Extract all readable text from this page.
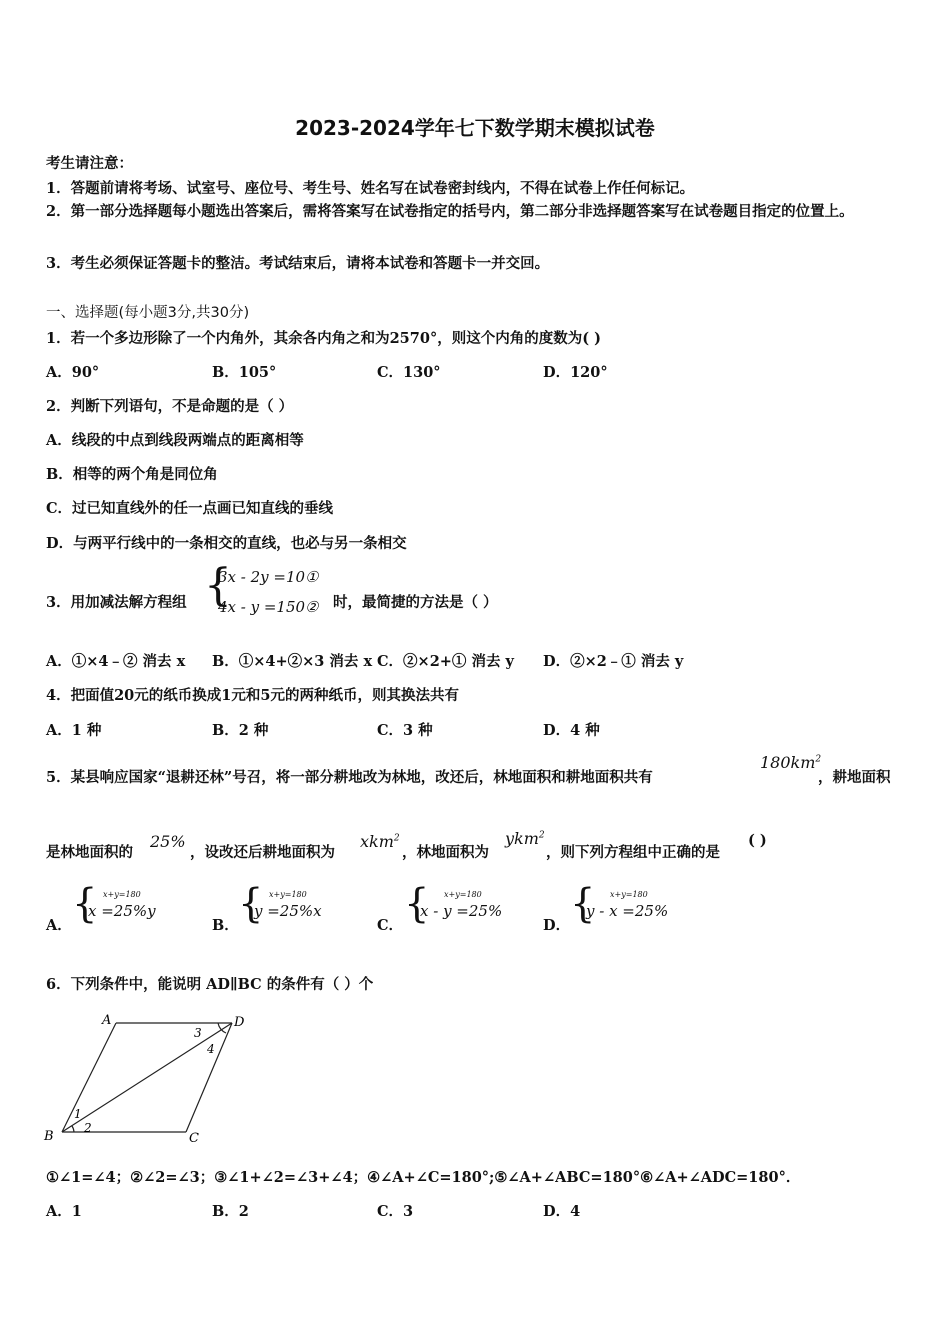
2023-2024学年七下数学期末模拟试卷
考生请注意：
1．答题前请将考场、试室号、座位号、考生号、姓名写在试卷密封线内，不得在试卷上作任何标记。
2．第一部分选择题每小题选出答案后，需将答案写在试卷指定的括号内，第二部分非选择题答案写在试卷题目指定的位置上。
3．考生必须保证答题卡的整洁。考试结束后，请将本试卷和答题卡一并交回。
一、选择题(每小题3分,共30分)
1．若一个多边形除了一个内角外，其余各内角之和为2570°，则这个内角的度数为( )
A．90°	B．105°	C．130°	D．120°
2．判断下列语句，不是命题的是（ ）
A．线段的中点到线段两端点的距离相等
B．相等的两个角是同位角
C．过已知直线外的任一点画已知直线的垂线
D．与两平行线中的一条相交的直线，也必与另一条相交
3．用加减法解方程组 {
3x - 2y =10①
4x - y =150② 时，最简捷的方法是（ ）
A．①×4﹣② 消去 x B．①×4+②×3 消去 x C．②×2+① 消去 y D．②×2﹣① 消去 y
4．把面值20元的纸币换成1元和5元的两种纸币，则其换法共有
A．1 种	B．2 种	C．3 种	D．4 种
5．某县响应国家“退耕还林”号召，将一部分耕地改为林地，改还后，林地面积和耕地面积共有
$180km^2$
，耕地面积
是林地面积的
25%
，设改还后耕地面积为
xkm$^2$
，林地面积为
ykm$^2$
，则下列方程组中正确的是
( )
A． { x+y=180
x =25%y
B． { x+y=180
y =25%x
C． { x+y=180
x - y =25%
D． { x+y=180
y - x =25%
6．下列条件中，能说明 AD∥BC 的条件有（ ）个
A	D
B	C
1
2
3
4
①∠1=∠4；②∠2=∠3；③∠1+∠2=∠3+∠4；④∠A+∠C=180°;⑤∠A+∠ABC=180°⑥∠A+∠ADC=180°．
A．1	B．2	C．3	D．4
